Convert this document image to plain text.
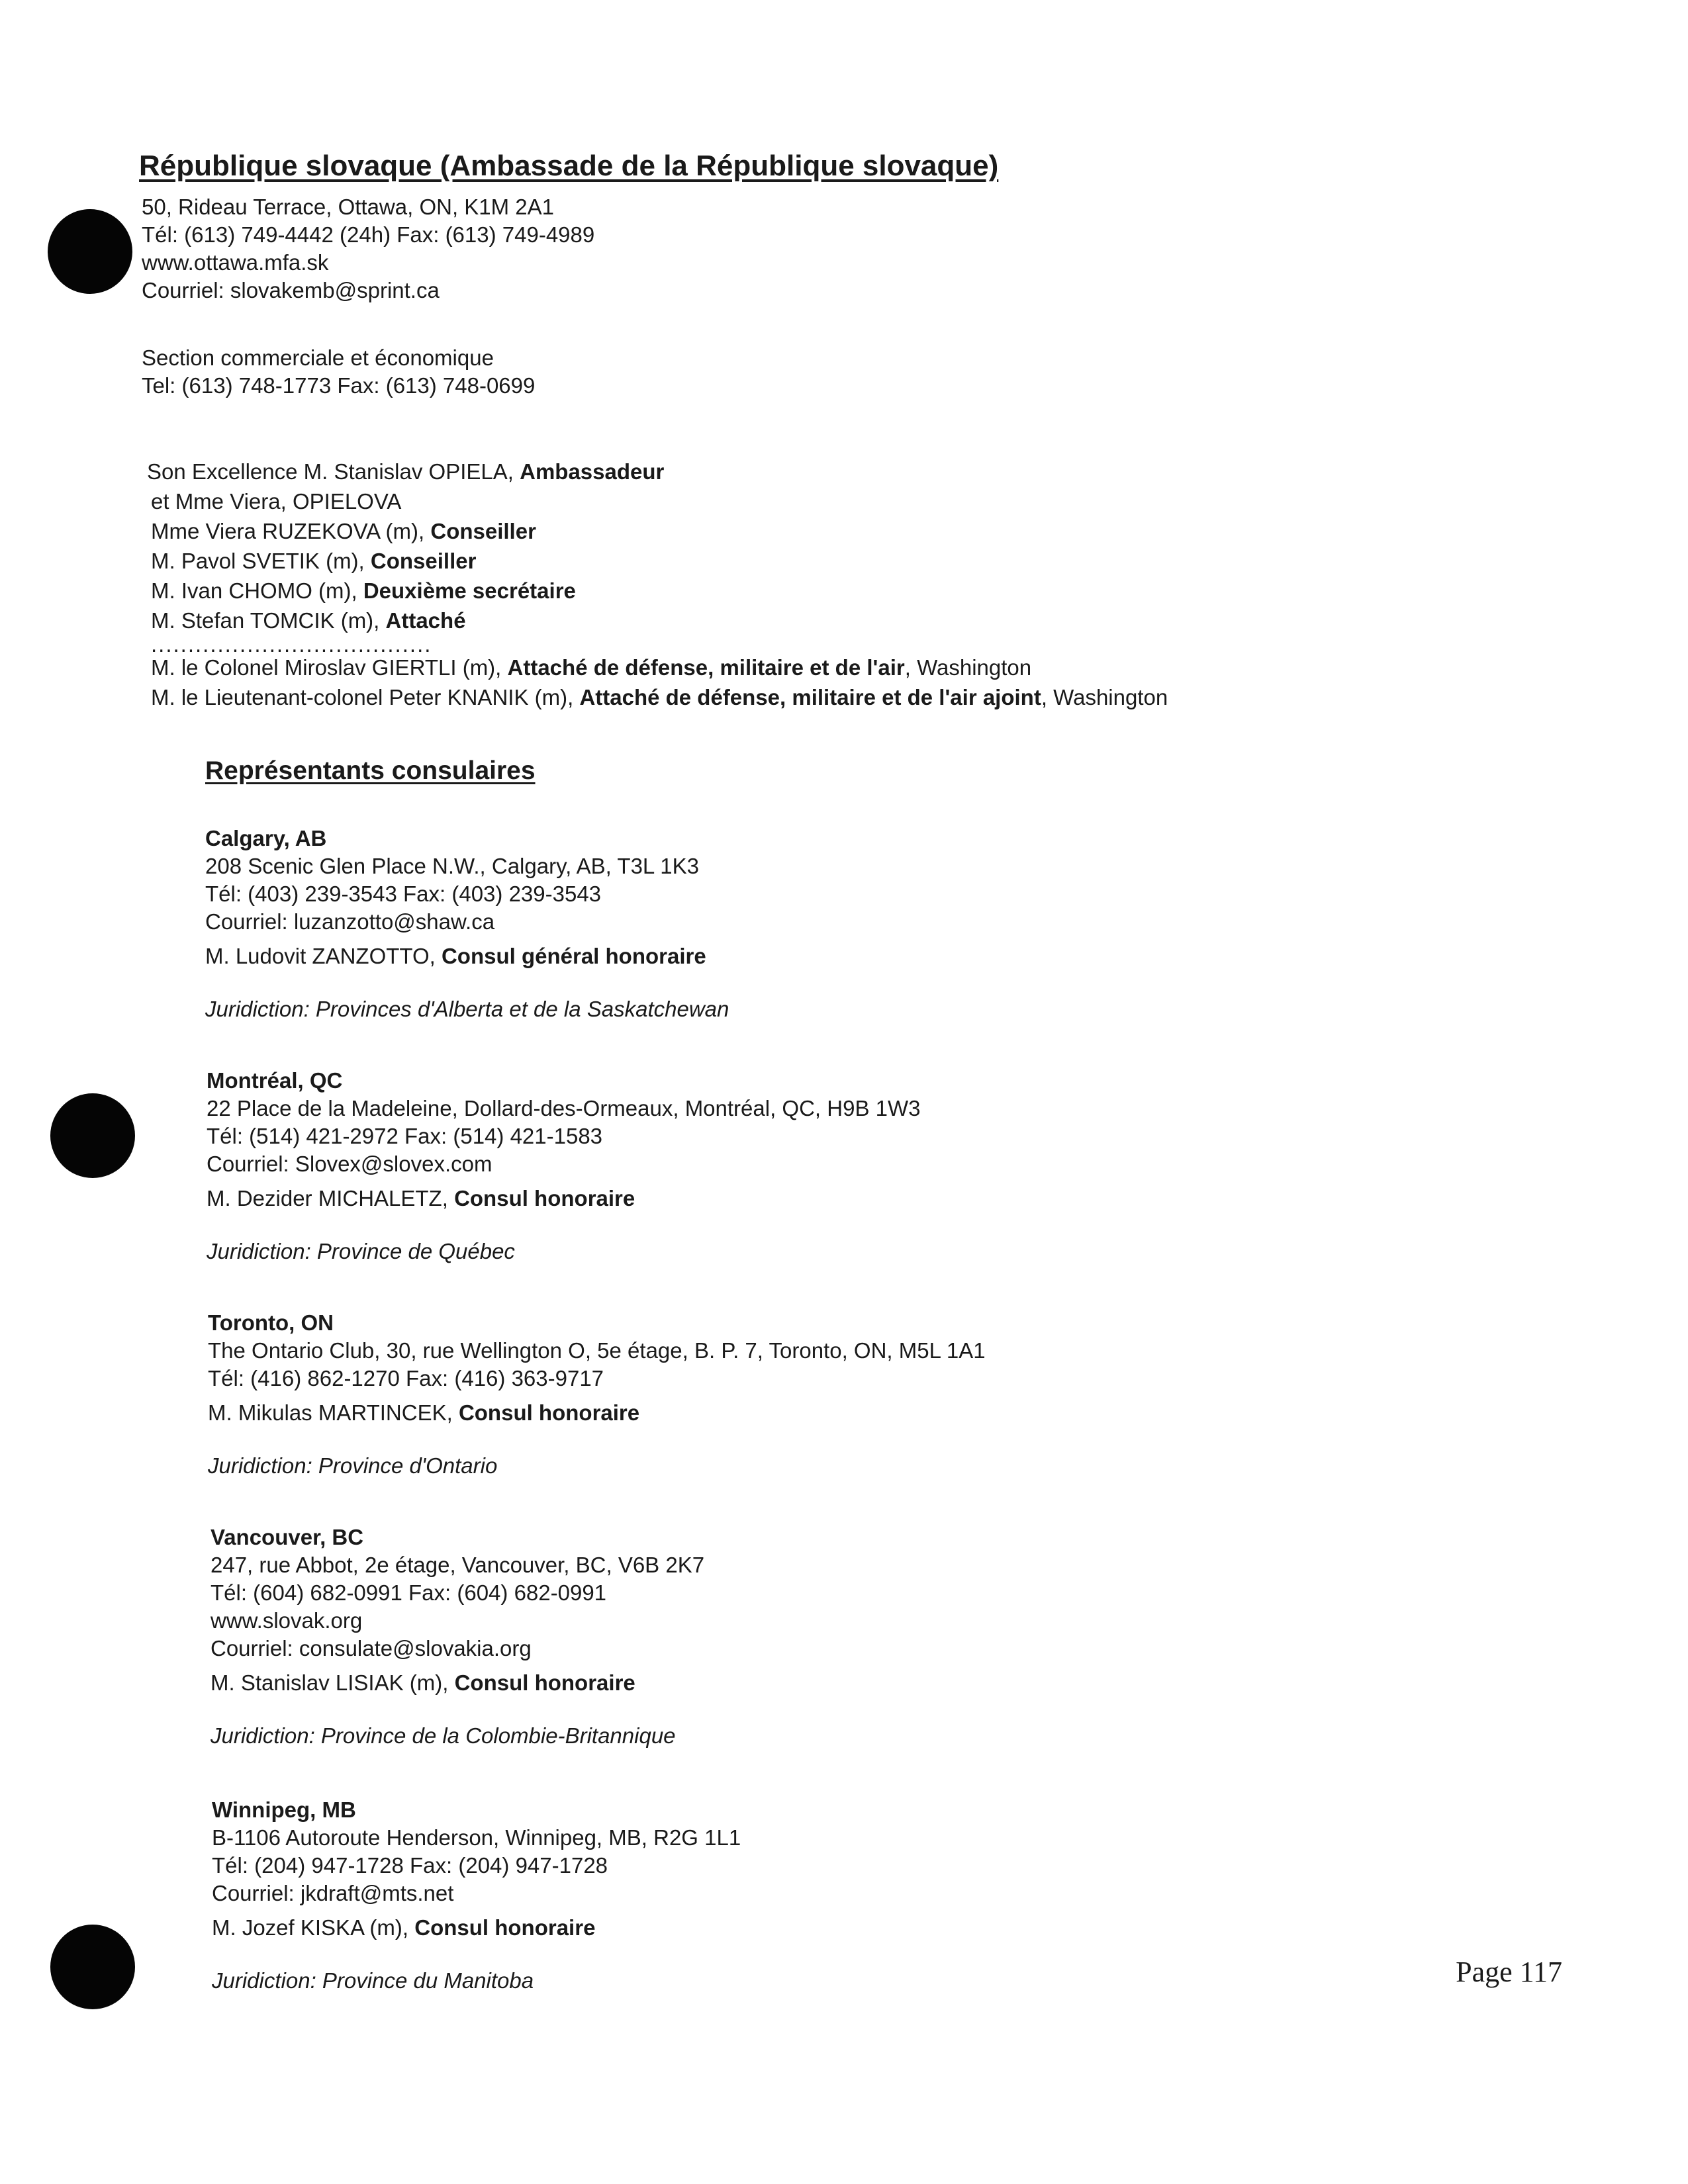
République slovaque (Ambassade de la République slovaque)

50, Rideau Terrace, Ottawa, ON, K1M 2A1

Tél: (613) 749-4442 (24h) Fax: (613) 749-4989

www.ottawa.mfa.sk

Courriel: slovakemb@sprint.ca

Section commerciale et économique

Tel: (613) 748-1773 Fax: (613) 748-0699

Son Excellence M. Stanislav OPIELA, Ambassadeur

et Mme Viera, OPIELOVA

Mme Viera RUZEKOVA (m), Conseiller

M. Pavol SVETIK (m), Conseiller

M. Ivan CHOMO (m), Deuxième secrétaire

M. Stefan TOMCIK (m), Attaché

......................................

M. le Colonel Miroslav GIERTLI (m), Attaché de défense, militaire et de l'air, Washington

M. le Lieutenant-colonel Peter KNANIK (m), Attaché de défense, militaire et de l'air ajoint, Washington

Représentants consulaires

Calgary, AB

208 Scenic Glen Place N.W., Calgary, AB, T3L 1K3

Tél: (403) 239-3543 Fax: (403) 239-3543

Courriel: luzanzotto@shaw.ca

M. Ludovit ZANZOTTO, Consul général honoraire

Juridiction: Provinces d'Alberta et de la Saskatchewan

Montréal, QC

22 Place de la Madeleine, Dollard-des-Ormeaux, Montréal, QC, H9B 1W3

Tél: (514) 421-2972 Fax: (514) 421-1583

Courriel: Slovex@slovex.com

M. Dezider MICHALETZ, Consul honoraire

Juridiction: Province de Québec

Toronto, ON

The Ontario Club, 30, rue Wellington O, 5e étage, B. P. 7, Toronto, ON, M5L 1A1

Tél: (416) 862-1270 Fax: (416) 363-9717

M. Mikulas MARTINCEK, Consul honoraire

Juridiction: Province d'Ontario

Vancouver, BC

247, rue Abbot, 2e étage, Vancouver, BC, V6B 2K7

Tél: (604) 682-0991 Fax: (604) 682-0991

www.slovak.org

Courriel: consulate@slovakia.org

M. Stanislav LISIAK (m), Consul honoraire

Juridiction: Province de la Colombie-Britannique

Winnipeg, MB

B-1106 Autoroute Henderson, Winnipeg, MB, R2G 1L1

Tél: (204) 947-1728 Fax: (204) 947-1728

Courriel: jkdraft@mts.net

M. Jozef KISKA (m), Consul honoraire

Juridiction: Province du Manitoba	Page 117
